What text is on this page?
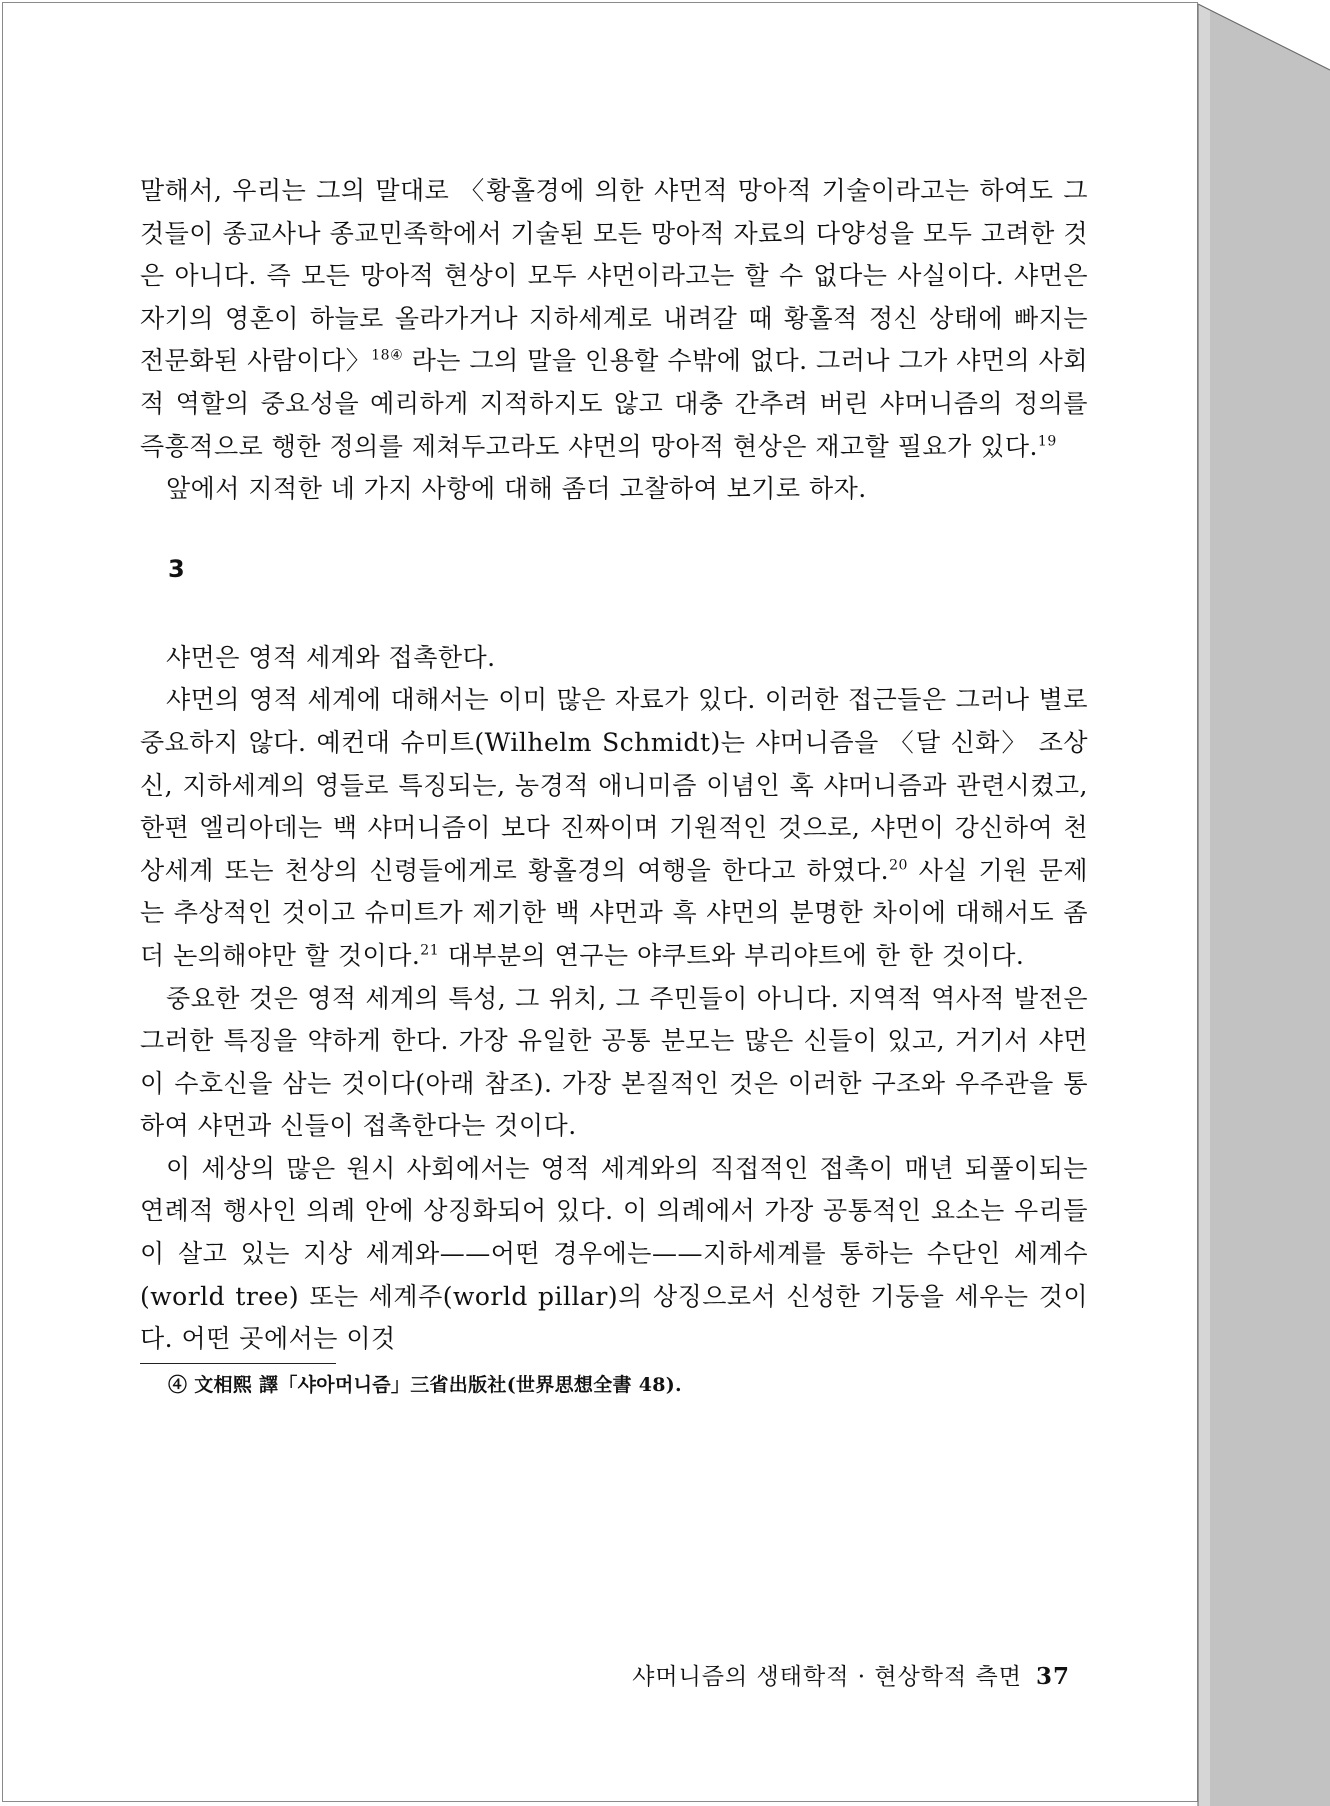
말해서, 우리는 그의 말대로 〈황홀경에 의한 샤먼적 망아적 기술이라고는 하여도 그것들이 종교사나 종교민족학에서 기술된 모든 망아적 자료의 다양성을 모두 고려한 것은 아니다. 즉 모든 망아적 현상이 모두 샤먼이라고는 할 수 없다는 사실이다. 샤먼은 자기의 영혼이 하늘로 올라가거나 지하세계로 내려갈 때 황홀적 정신 상태에 빠지는 전문화된 사람이다〉$^{18④}$ 라는 그의 말을 인용할 수밖에 없다. 그러나 그가 샤먼의 사회적 역할의 중요성을 예리하게 지적하지도 않고 대충 간추려 버린 샤머니즘의 정의를 즉흥적으로 행한 정의를 제쳐두고라도 샤먼의 망아적 현상은 재고할 필요가 있다.$^{19}$

앞에서 지적한 네 가지 사항에 대해 좀더 고찰하여 보기로 하자.

3

샤먼은 영적 세계와 접촉한다.

샤먼의 영적 세계에 대해서는 이미 많은 자료가 있다. 이러한 접근들은 그러나 별로 중요하지 않다. 예컨대 슈미트(Wilhelm Schmidt)는 샤머니즘을 〈달 신화〉 조상신, 지하세계의 영들로 특징되는, 농경적 애니미즘 이념인 혹 샤머니즘과 관련시켰고, 한편 엘리아데는 백 샤머니즘이 보다 진짜이며 기원적인 것으로, 샤먼이 강신하여 천상세계 또는 천상의 신령들에게로 황홀경의 여행을 한다고 하였다.$^{20}$ 사실 기원 문제는 추상적인 것이고 슈미트가 제기한 백 샤먼과 흑 샤먼의 분명한 차이에 대해서도 좀더 논의해야만 할 것이다.$^{21}$ 대부분의 연구는 야쿠트와 부리야트에 한 한 것이다.

중요한 것은 영적 세계의 특성, 그 위치, 그 주민들이 아니다. 지역적 역사적 발전은 그러한 특징을 약하게 한다. 가장 유일한 공통 분모는 많은 신들이 있고, 거기서 샤먼이 수호신을 삼는 것이다(아래 참조). 가장 본질적인 것은 이러한 구조와 우주관을 통하여 샤먼과 신들이 접촉한다는 것이다.

이 세상의 많은 원시 사회에서는 영적 세계와의 직접적인 접촉이 매년 되풀이되는 연례적 행사인 의례 안에 상징화되어 있다. 이 의례에서 가장 공통적인 요소는 우리들이 살고 있는 지상 세계와——어떤 경우에는——지하세계를 통하는 수단인 세계수(world tree) 또는 세계주(world pillar)의 상징으로서 신성한 기둥을 세우는 것이다. 어떤 곳에서는 이것

④ 文相熙 譯「샤아머니즘」三省出版社(世界思想全書 48).
샤머니즘의 생태학적 · 현상학적 측면 37
